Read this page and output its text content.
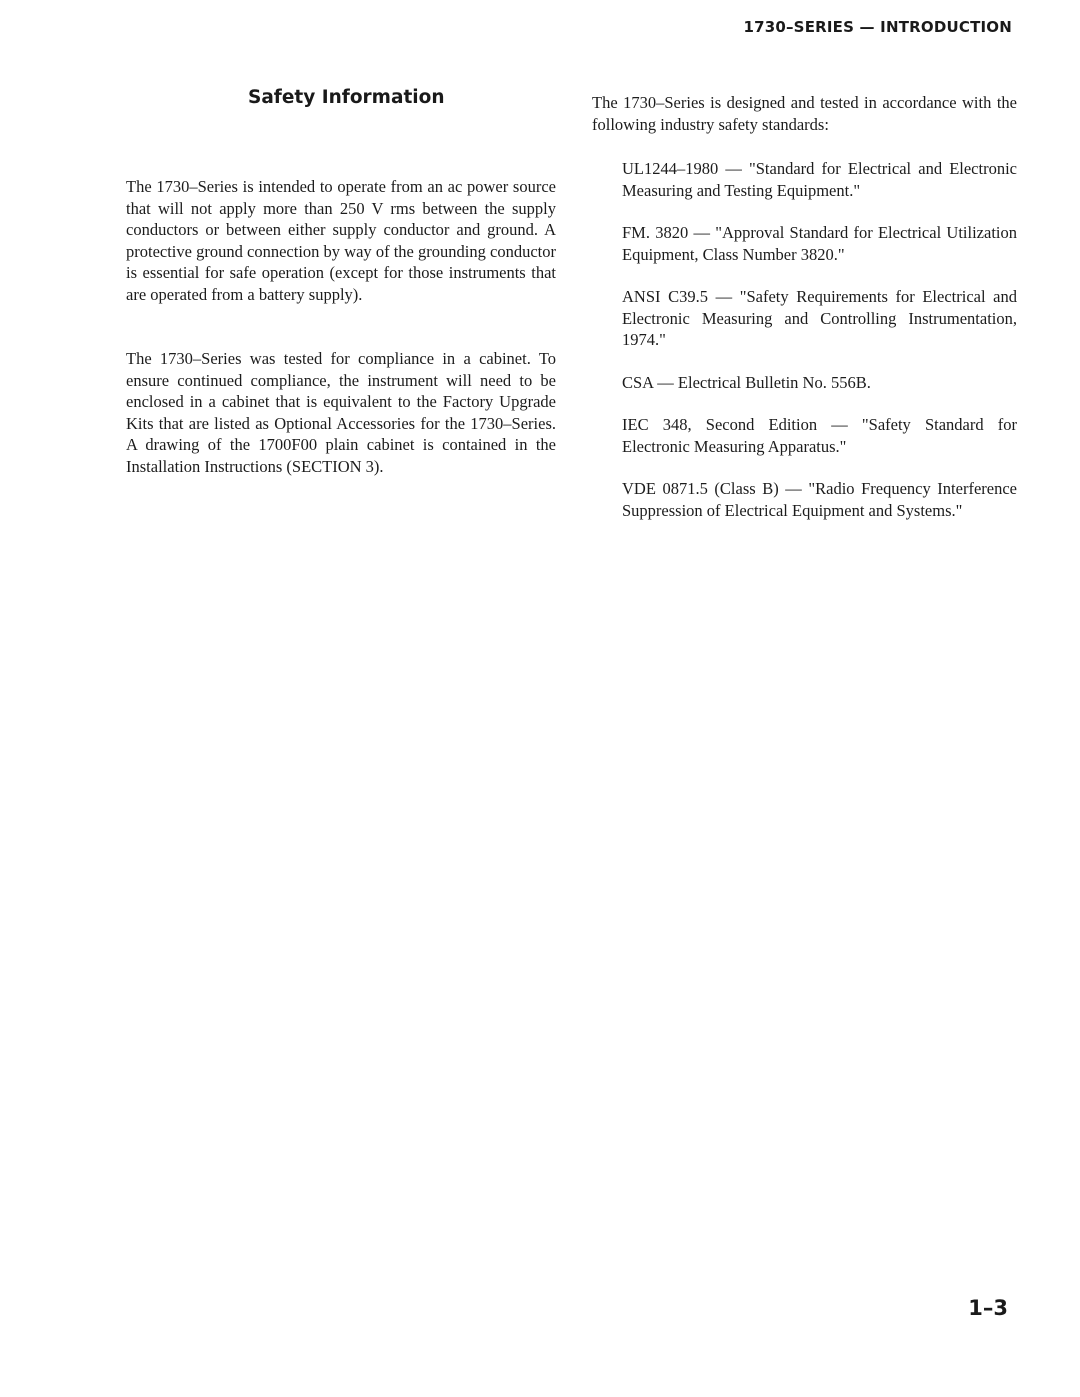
1730–SERIES — INTRODUCTION
Safety Information

The 1730–Series is intended to operate from an ac power source that will not apply more than 250 V rms between the supply conductors or between either supply conductor and ground. A protective ground connection by way of the grounding conductor is essential for safe operation (except for those instruments that are operated from a battery supply).

The 1730–Series was tested for compliance in a cabinet. To ensure continued compliance, the instrument will need to be enclosed in a cabinet that is equivalent to the Factory Upgrade Kits that are listed as Optional Accessories for the 1730–Series. A drawing of the 1700F00 plain cabinet is contained in the Installation Instructions (SECTION 3).

The 1730–Series is designed and tested in accordance with the following industry safety standards:

UL1244–1980 — "Standard for Electrical and Electronic Measuring and Testing Equipment."
FM. 3820 — "Approval Standard for Electrical Utilization Equipment, Class Number 3820."
ANSI C39.5 — "Safety Requirements for Electrical and Electronic Measuring and Controlling Instrumentation, 1974."
CSA — Electrical Bulletin No. 556B.
IEC 348, Second Edition — "Safety Standard for Electronic Measuring Apparatus."
VDE 0871.5 (Class B) — "Radio Frequency Interference Suppression of Electrical Equipment and Systems."
1–3
